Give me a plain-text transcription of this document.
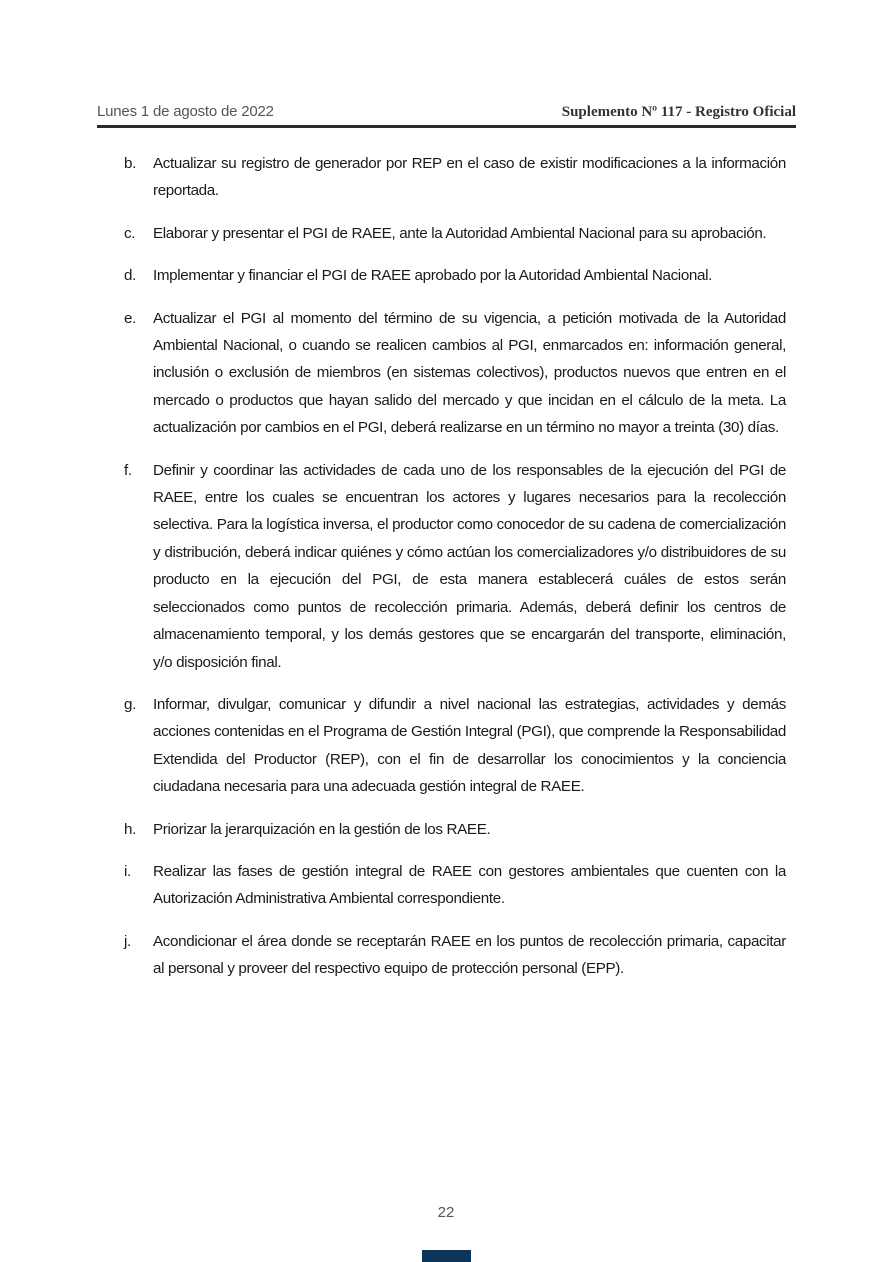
Lunes 1 de agosto de 2022	Suplemento Nº 117 - Registro Oficial
b. Actualizar su registro de generador por REP en el caso de existir modificaciones a la información reportada.
c. Elaborar y presentar el PGI de RAEE, ante la Autoridad Ambiental Nacional para su aprobación.
d. Implementar y financiar el PGI de RAEE aprobado por la Autoridad Ambiental Nacional.
e. Actualizar el PGI al momento del término de su vigencia, a petición motivada de la Autoridad Ambiental Nacional, o cuando se realicen cambios al PGI, enmarcados en: información general, inclusión o exclusión de miembros (en sistemas colectivos), productos nuevos que entren en el mercado o productos que hayan salido del mercado y que incidan en el cálculo de la meta. La actualización por cambios en el PGI, deberá realizarse en un término no mayor a treinta (30) días.
f. Definir y coordinar las actividades de cada uno de los responsables de la ejecución del PGI de RAEE, entre los cuales se encuentran los actores y lugares necesarios para la recolección selectiva. Para la logística inversa, el productor como conocedor de su cadena de comercialización y distribución, deberá indicar quiénes y cómo actúan los comercializadores y/o distribuidores de su producto en la ejecución del PGI, de esta manera establecerá cuáles de estos serán seleccionados como puntos de recolección primaria. Además, deberá definir los centros de almacenamiento temporal, y los demás gestores que se encargarán del transporte, eliminación, y/o disposición final.
g. Informar, divulgar, comunicar y difundir a nivel nacional las estrategias, actividades y demás acciones contenidas en el Programa de Gestión Integral (PGI), que comprende la Responsabilidad Extendida del Productor (REP), con el fin de desarrollar los conocimientos y la conciencia ciudadana necesaria para una adecuada gestión integral de RAEE.
h. Priorizar la jerarquización en la gestión de los RAEE.
i. Realizar las fases de gestión integral de RAEE con gestores ambientales que cuenten con la Autorización Administrativa Ambiental correspondiente.
j. Acondicionar el área donde se receptarán RAEE en los puntos de recolección primaria, capacitar al personal y proveer del respectivo equipo de protección personal (EPP).
22
